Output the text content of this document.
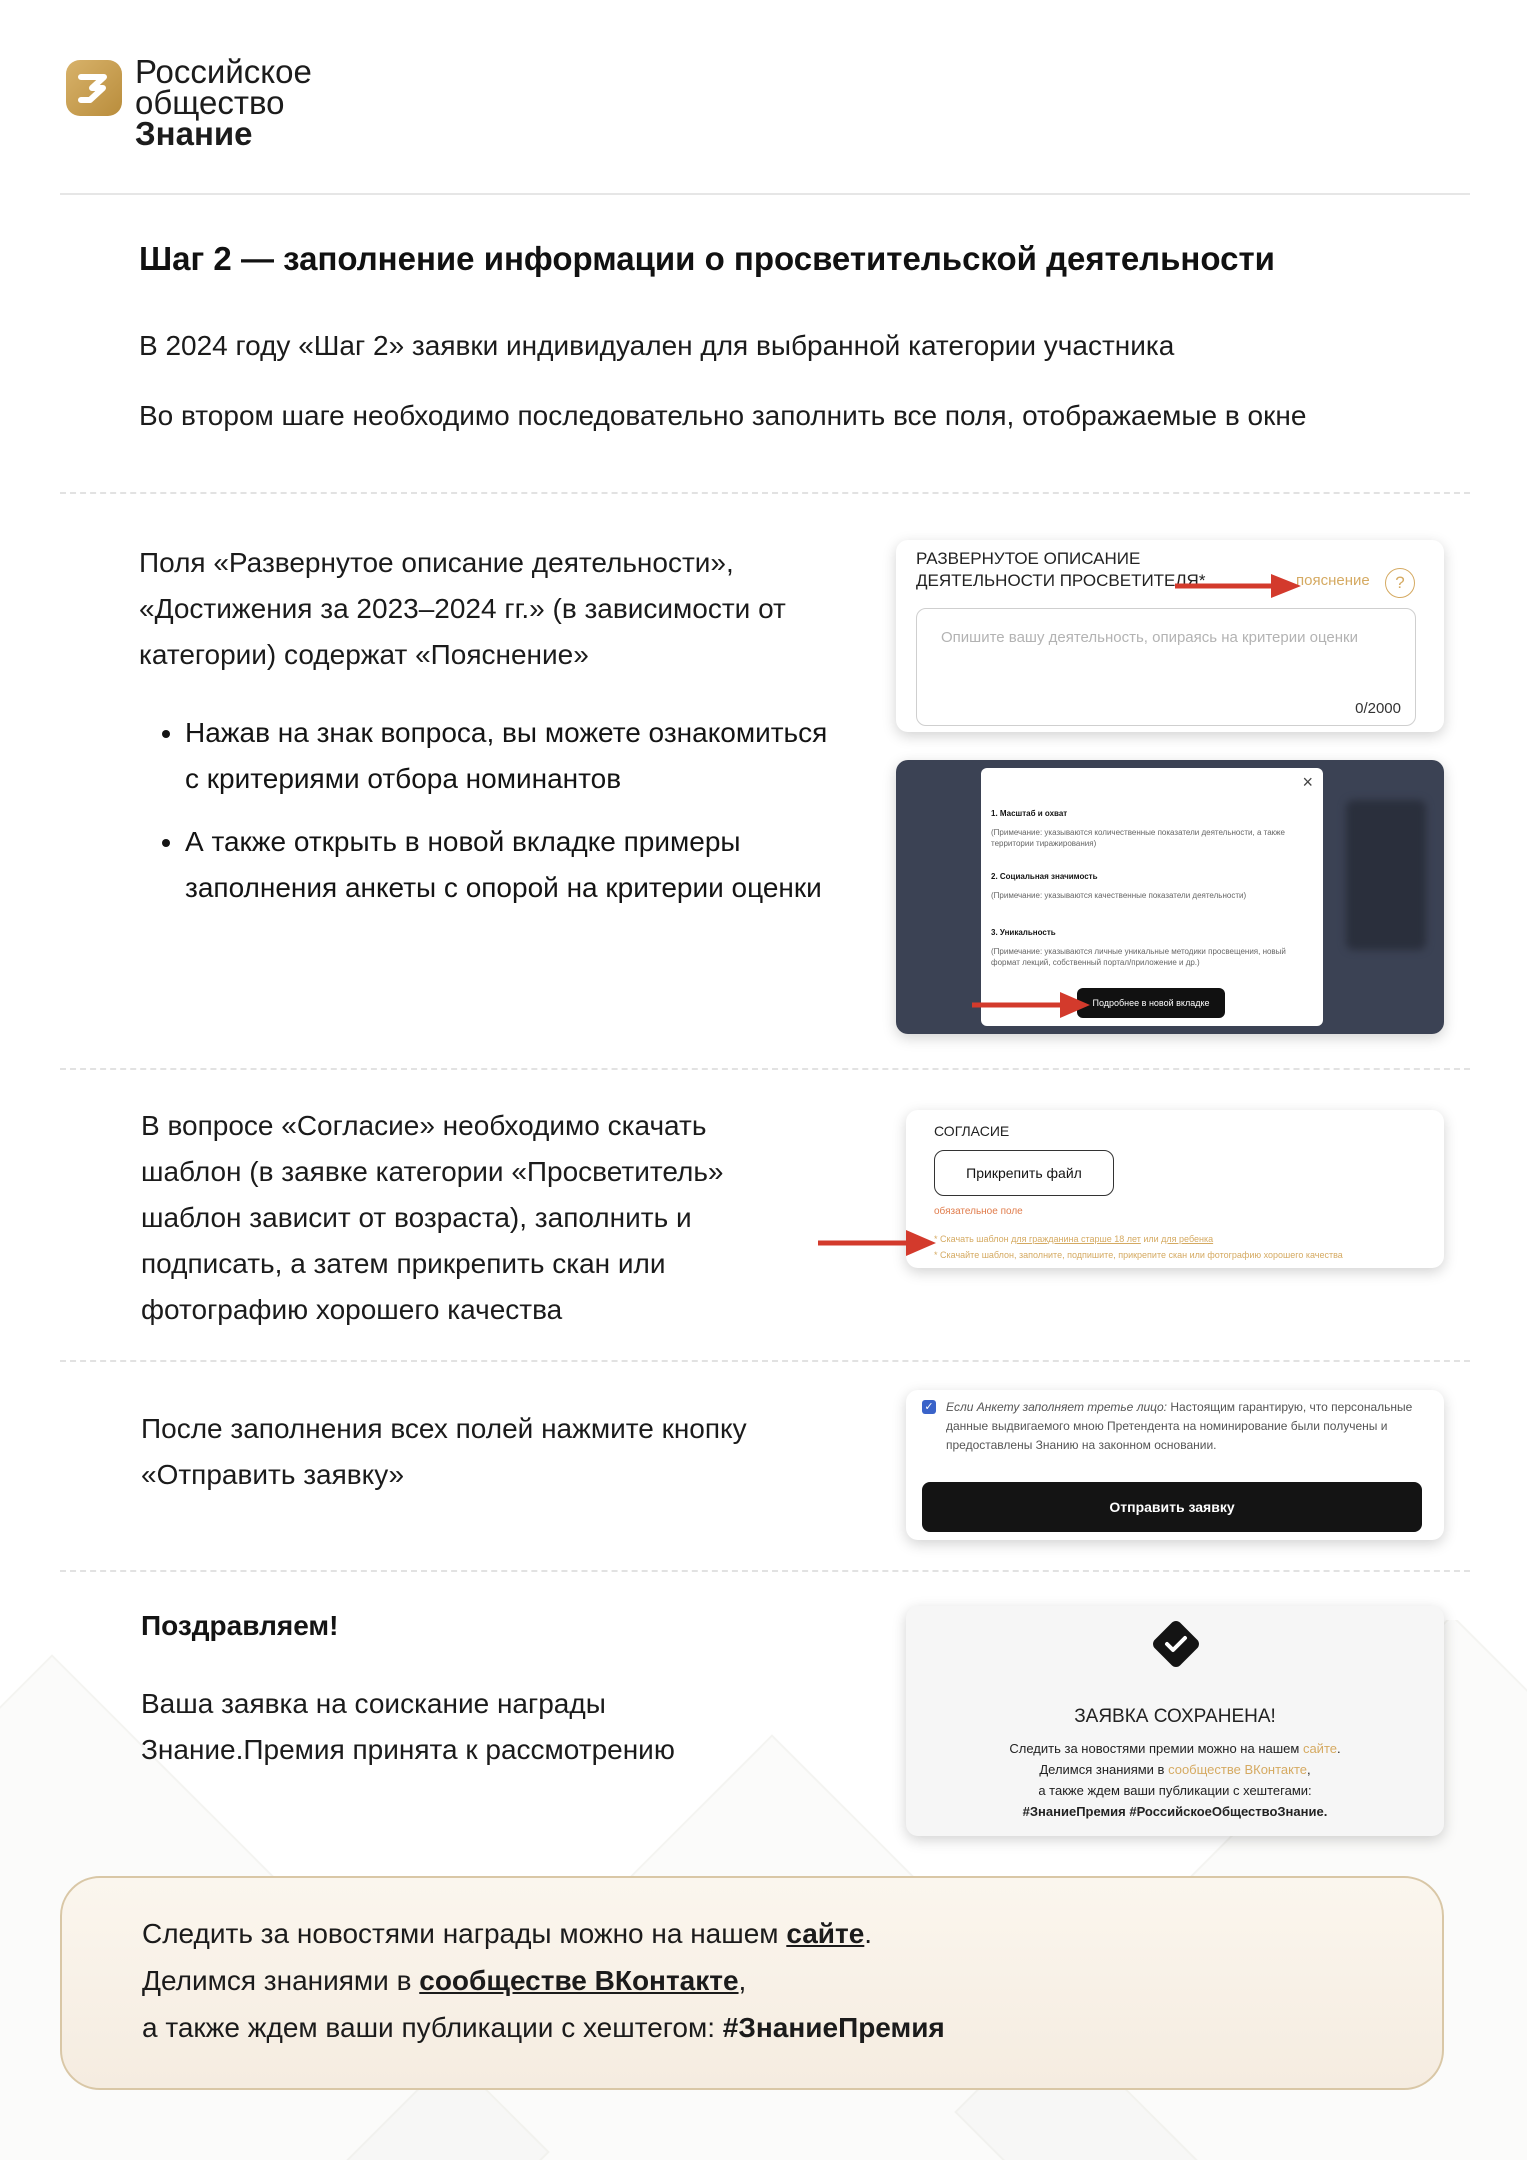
Российское
общество
Знание
Шаг 2 — заполнение информации о просветительской деятельности
В 2024 году «Шаг 2» заявки индивидуален для выбранной категории участника
Во втором шаге необходимо последовательно заполнить все поля, отображаемые в окне
Поля «Развернутое описание деятельности», «Достижения за 2023–2024 гг.» (в зависимости от категории) содержат «Пояснение»
• Нажав на знак вопроса, вы можете ознакомиться с критериями отбора номинантов
• А также открыть в новой вкладке примеры заполнения анкеты с опорой на критерии оценки
РАЗВЕРНУТОЕ ОПИСАНИЕ ДЕЯТЕЛЬНОСТИ ПРОСВЕТИТЕЛЯ*	пояснение	?
Опишите вашу деятельность, опираясь на критерии оценки
0/2000
×
1. Масштаб и охват
(Примечание: указываются количественные показатели деятельности, а также территории тиражирования)
2. Социальная значимость
(Примечание: указываются качественные показатели деятельности)
3. Уникальность
(Примечание: указываются личные уникальные методики просвещения, новый формат лекций, собственный портал/приложение и др.)
Подробнее в новой вкладке
В вопросе «Согласие» необходимо скачать шаблон (в заявке категории «Просветитель» шаблон зависит от возраста), заполнить и подписать, а затем прикрепить скан или фотографию хорошего качества
СОГЛАСИЕ
Прикрепить файл
обязательное поле
* Скачать шаблон для гражданина старше 18 лет или для ребенка
* Скачайте шаблон, заполните, подпишите, прикрепите скан или фотографию хорошего качества
После заполнения всех полей нажмите кнопку «Отправить заявку»
✓ Если Анкету заполняет третье лицо: Настоящим гарантирую, что персональные данные выдвигаемого мною Претендента на номинирование были получены и предоставлены Знанию на законном основании.
Отправить заявку
Поздравляем!
Ваша заявка на соискание награды Знание.Премия принята к рассмотрению
ЗАЯВКА СОХРАНЕНА!
Следить за новостями премии можно на нашем сайте.
Делимся знаниями в сообществе ВКонтакте,
а также ждем ваши публикации с хештегами:
#ЗнаниеПремия #РоссийскоеОбществоЗнание.
Следить за новостями награды можно на нашем сайте.
Делимся знаниями в сообществе ВКонтакте,
а также ждем ваши публикации с хештегом: #ЗнаниеПремия
